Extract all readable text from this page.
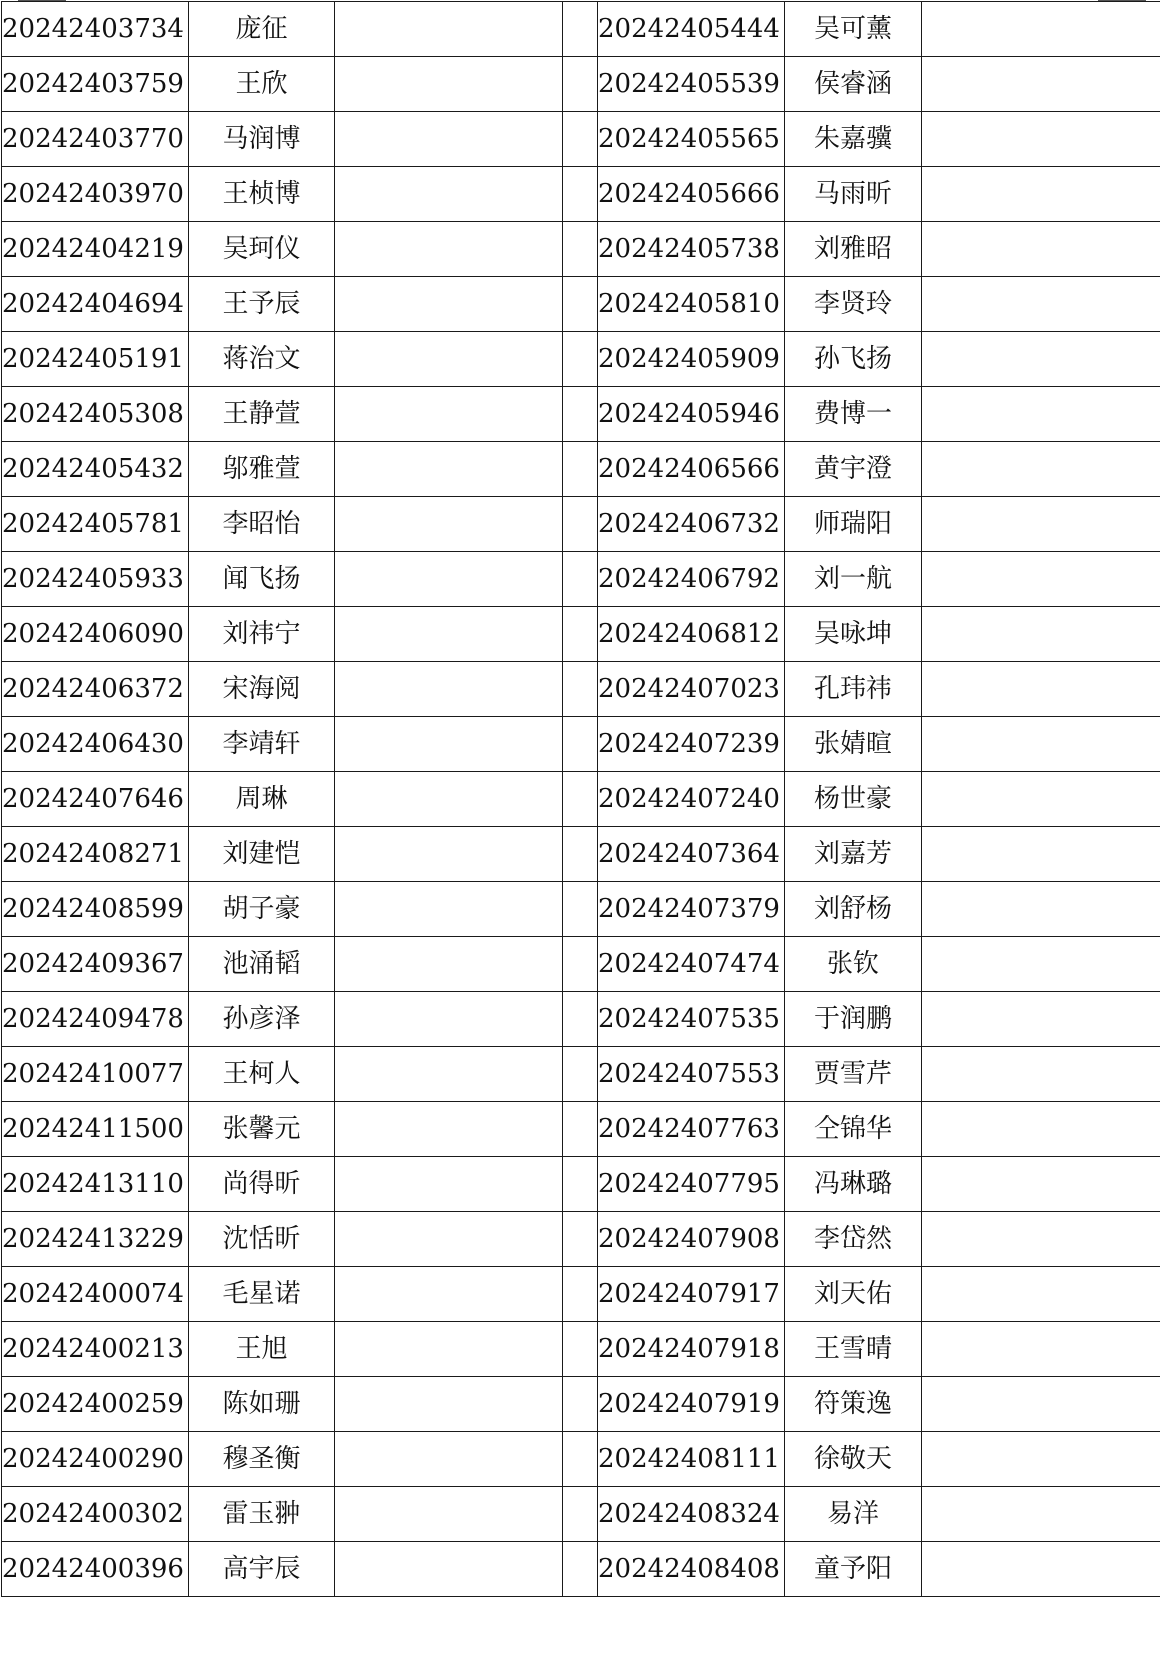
20242403734	庞征			20242405444	吴可薰	
20242403759	王欣			20242405539	侯睿涵	
20242403770	马润博			20242405565	朱嘉骥	
20242403970	王桢博			20242405666	马雨昕	
20242404219	吴珂仪			20242405738	刘雅昭	
20242404694	王予辰			20242405810	李贤玲	
20242405191	蒋治文			20242405909	孙飞扬	
20242405308	王静萱			20242405946	费博一	
20242405432	邬雅萱			20242406566	黄宇澄	
20242405781	李昭怡			20242406732	师瑞阳	
20242405933	闻飞扬			20242406792	刘一航	
20242406090	刘祎宁			20242406812	吴咏坤	
20242406372	宋海阅			20242407023	孔玮祎	
20242406430	李靖轩			20242407239	张婧暄	
20242407646	周琳			20242407240	杨世豪	
20242408271	刘建恺			20242407364	刘嘉芳	
20242408599	胡子豪			20242407379	刘舒杨	
20242409367	池涌韬			20242407474	张钦	
20242409478	孙彦泽			20242407535	于润鹏	
20242410077	王柯人			20242407553	贾雪芹	
20242411500	张馨元			20242407763	仝锦华	
20242413110	尚得昕			20242407795	冯琳璐	
20242413229	沈恬昕			20242407908	李岱然	
20242400074	毛星诺			20242407917	刘天佑	
20242400213	王旭			20242407918	王雪晴	
20242400259	陈如珊			20242407919	符策逸	
20242400290	穆圣衡			20242408111	徐敬天	
20242400302	雷玉翀			20242408324	易洋	
20242400396	高宇辰			20242408408	童予阳	
